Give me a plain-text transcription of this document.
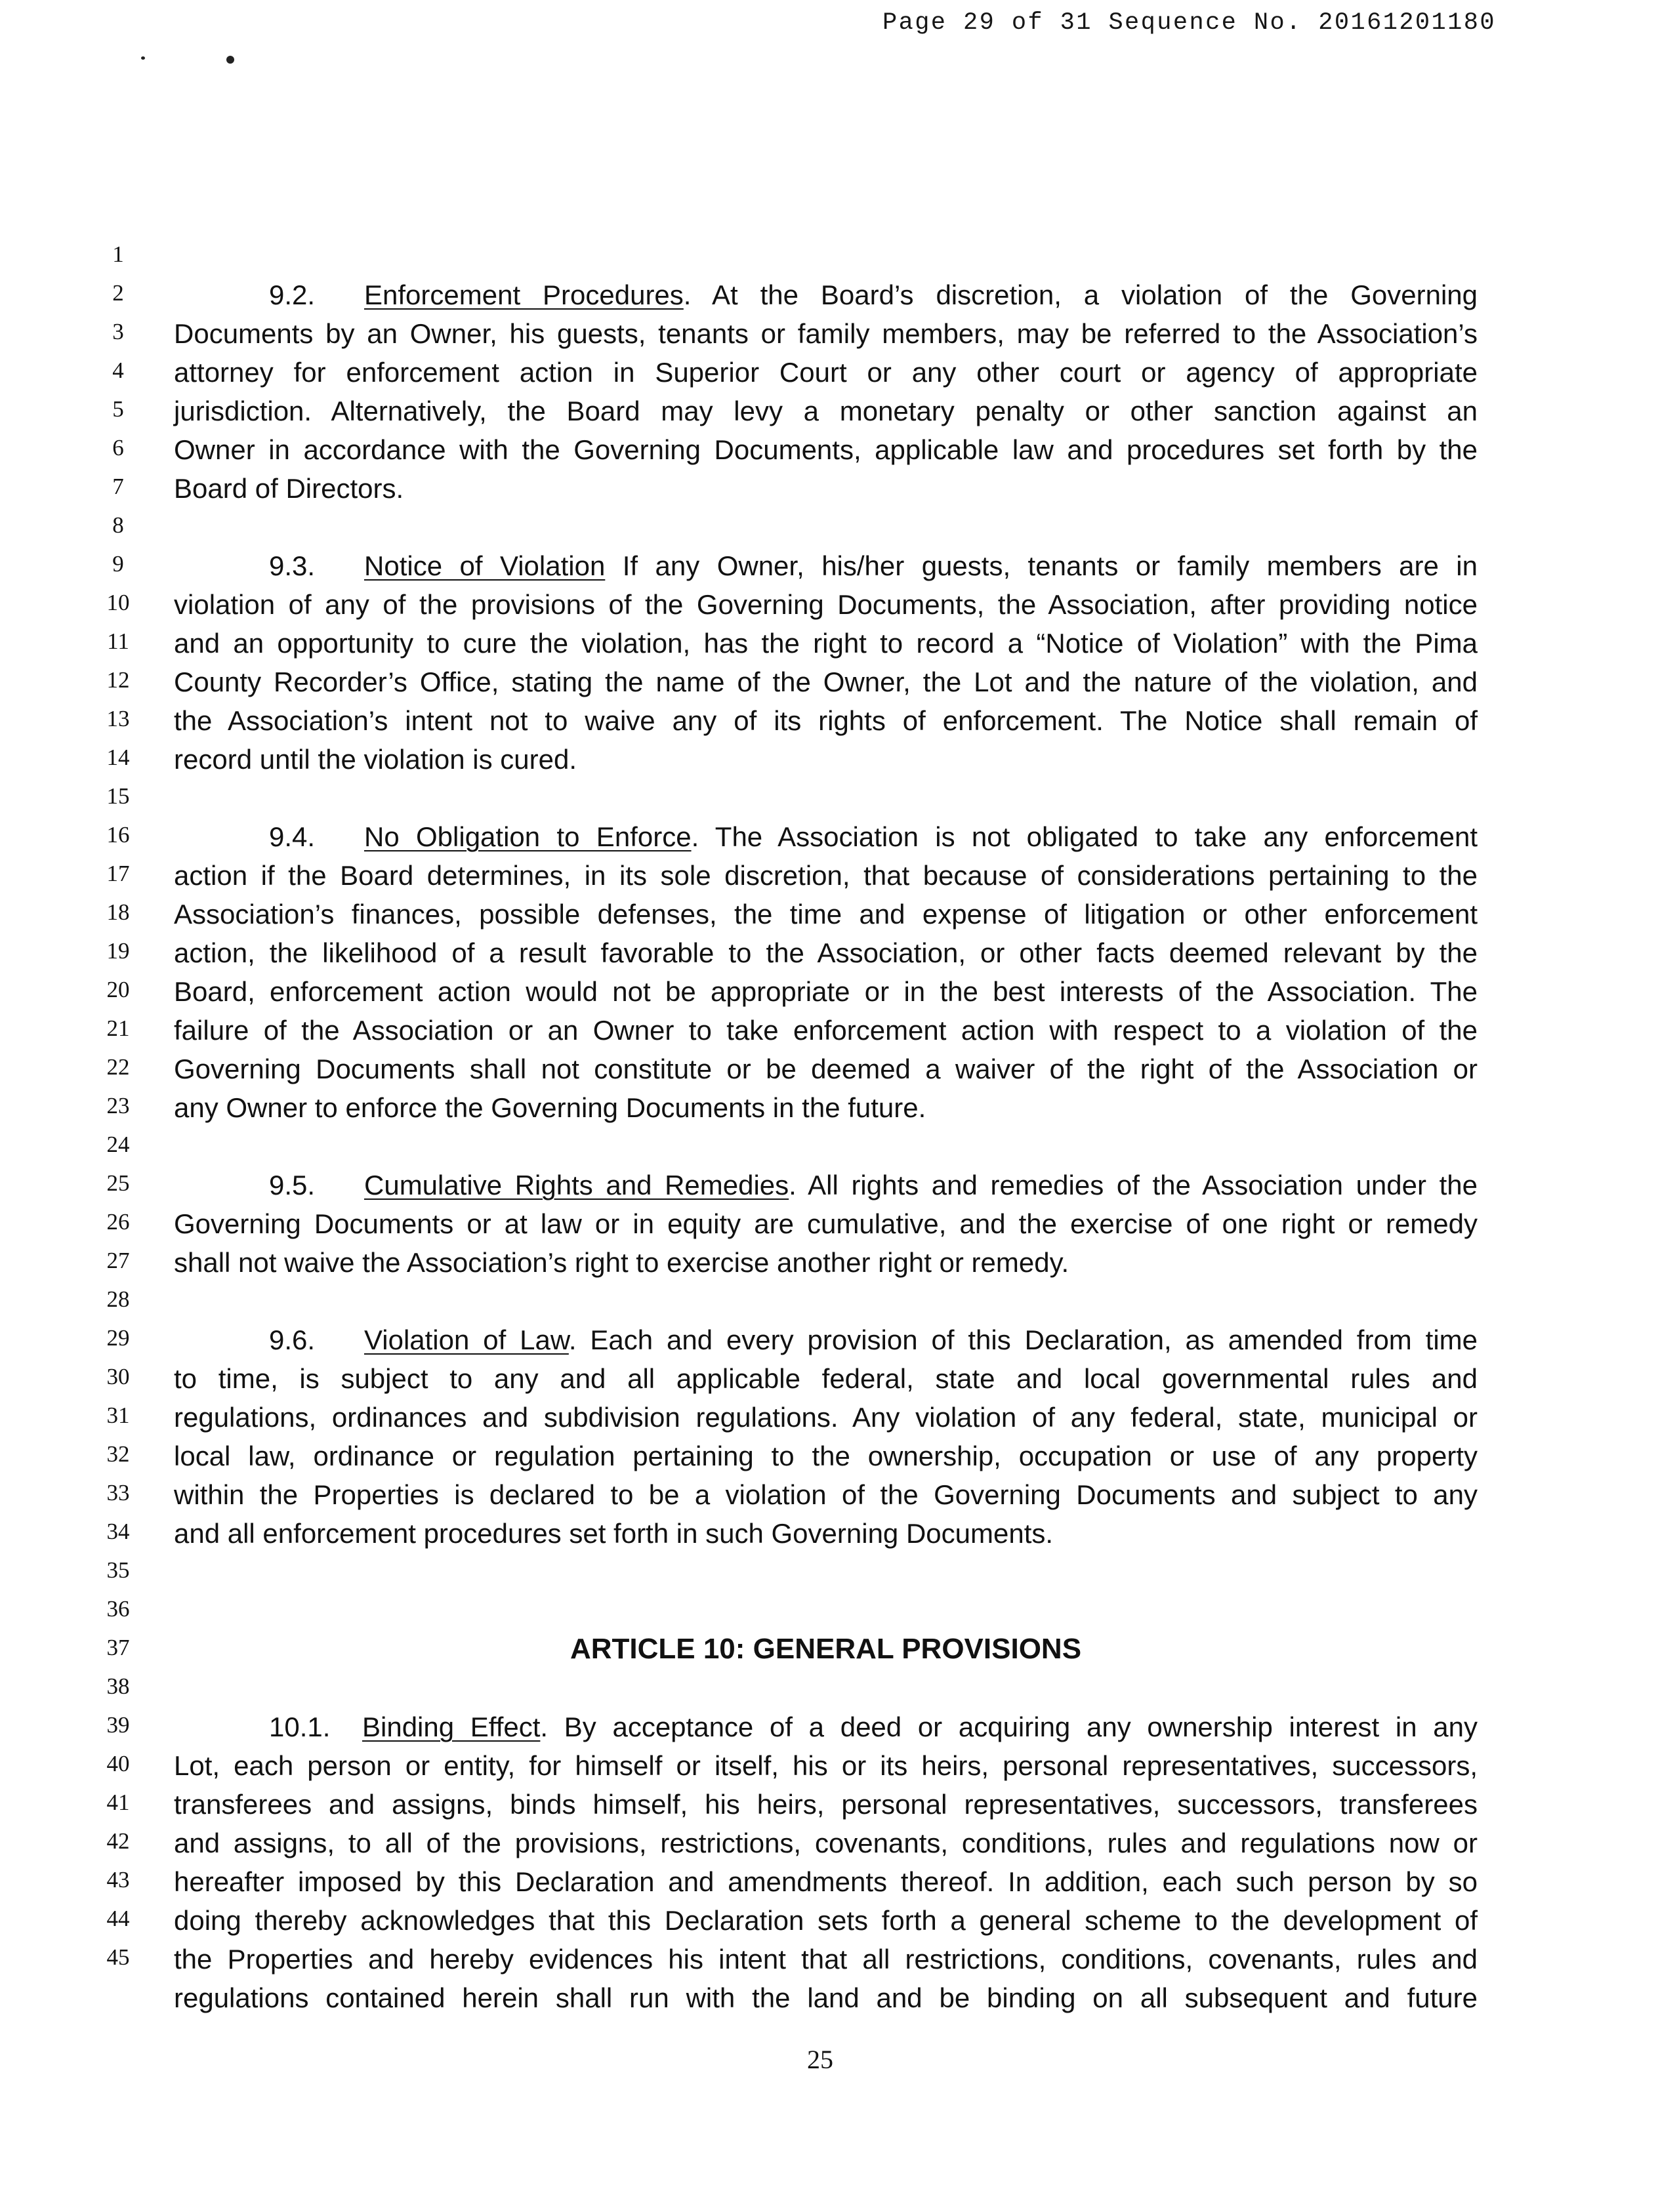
Page 29 of 31 Sequence No. 20161201180
1
2
3
4
5
6
7
8
9
10
11
12
13
14
15
16
17
18
19
20
21
22
23
24
25
26
27
28
29
30
31
32
33
34
35
36
37
38
39
40
41
42
43
44
45
9.2. Enforcement Procedures. At the Board’s discretion, a violation of the Governing
Documents by an Owner, his guests, tenants or family members, may be referred to the Association’s
attorney for enforcement action in Superior Court or any other court or agency of appropriate
jurisdiction. Alternatively, the Board may levy a monetary penalty or other sanction against an
Owner in accordance with the Governing Documents, applicable law and procedures set forth by the
Board of Directors.
9.3. Notice of Violation If any Owner, his/her guests, tenants or family members are in
violation of any of the provisions of the Governing Documents, the Association, after providing notice
and an opportunity to cure the violation, has the right to record a “Notice of Violation” with the Pima
County Recorder’s Office, stating the name of the Owner, the Lot and the nature of the violation, and
the Association’s intent not to waive any of its rights of enforcement. The Notice shall remain of
record until the violation is cured.
9.4. No Obligation to Enforce. The Association is not obligated to take any enforcement
action if the Board determines, in its sole discretion, that because of considerations pertaining to the
Association’s finances, possible defenses, the time and expense of litigation or other enforcement
action, the likelihood of a result favorable to the Association, or other facts deemed relevant by the
Board, enforcement action would not be appropriate or in the best interests of the Association. The
failure of the Association or an Owner to take enforcement action with respect to a violation of the
Governing Documents shall not constitute or be deemed a waiver of the right of the Association or
any Owner to enforce the Governing Documents in the future.
9.5. Cumulative Rights and Remedies. All rights and remedies of the Association under the
Governing Documents or at law or in equity are cumulative, and the exercise of one right or remedy
shall not waive the Association’s right to exercise another right or remedy.
9.6. Violation of Law. Each and every provision of this Declaration, as amended from time
to time, is subject to any and all applicable federal, state and local governmental rules and
regulations, ordinances and subdivision regulations. Any violation of any federal, state, municipal or
local law, ordinance or regulation pertaining to the ownership, occupation or use of any property
within the Properties is declared to be a violation of the Governing Documents and subject to any
and all enforcement procedures set forth in such Governing Documents.
ARTICLE 10: GENERAL PROVISIONS
10.1. Binding Effect. By acceptance of a deed or acquiring any ownership interest in any
Lot, each person or entity, for himself or itself, his or its heirs, personal representatives, successors,
transferees and assigns, binds himself, his heirs, personal representatives, successors, transferees
and assigns, to all of the provisions, restrictions, covenants, conditions, rules and regulations now or
hereafter imposed by this Declaration and amendments thereof. In addition, each such person by so
doing thereby acknowledges that this Declaration sets forth a general scheme to the development of
the Properties and hereby evidences his intent that all restrictions, conditions, covenants, rules and
regulations contained herein shall run with the land and be binding on all subsequent and future
25
